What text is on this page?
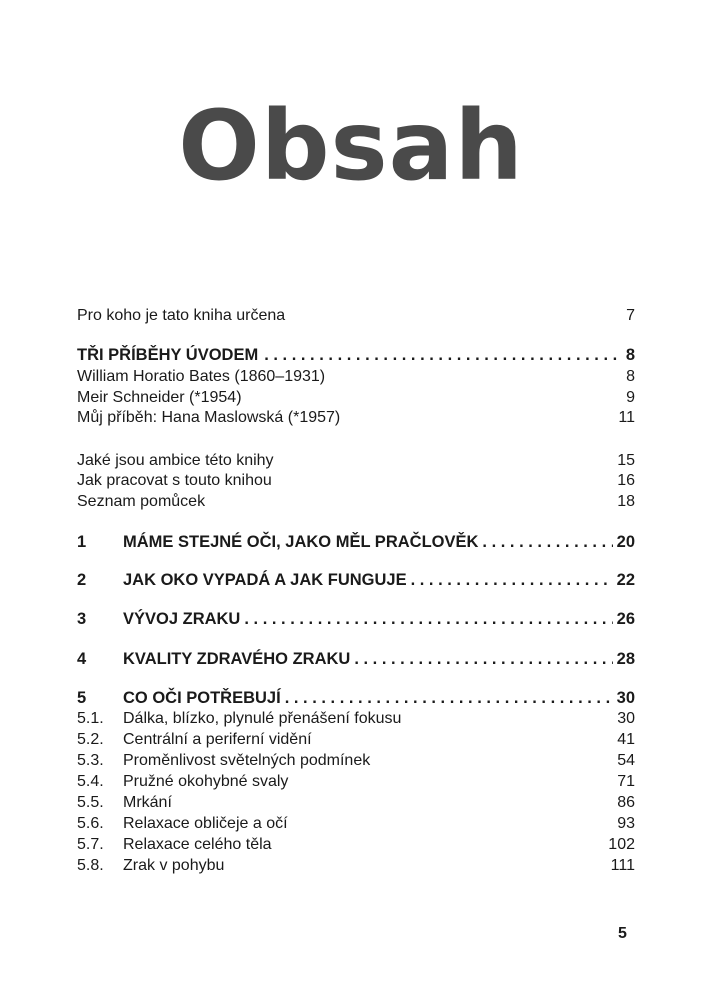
Obsah
Pro koho je tato kniha určena	7
TŘI PŘÍBĚHY ÚVODEM . . .	8
William Horatio Bates (1860–1931)	8
Meir Schneider (*1954)	9
Můj příběh: Hana Maslowská (*1957)	11
Jaké jsou ambice této knihy	15
Jak pracovat s touto knihou	16
Seznam pomůcek	18
1	MÁME STEJNÉ OČI, JAKO MĚL PRAČLOVĚK . . .	20
2	JAK OKO VYPADÁ A JAK FUNGUJE . . .	22
3	VÝVOJ ZRAKU . . .	26
4	KVALITY ZDRAVÉHO ZRAKU . . .	28
5	CO OČI POTŘEBUJÍ . . .	30
5.1.	Dálka, blízko, plynulé přenášení fokusu	30
5.2.	Centrální a periferní vidění	41
5.3.	Proměnlivost světelných podmínek	54
5.4.	Pružné okohybné svaly	71
5.5.	Mrkání	86
5.6.	Relaxace obličeje a očí	93
5.7.	Relaxace celého těla	102
5.8.	Zrak v pohybu	111
5
